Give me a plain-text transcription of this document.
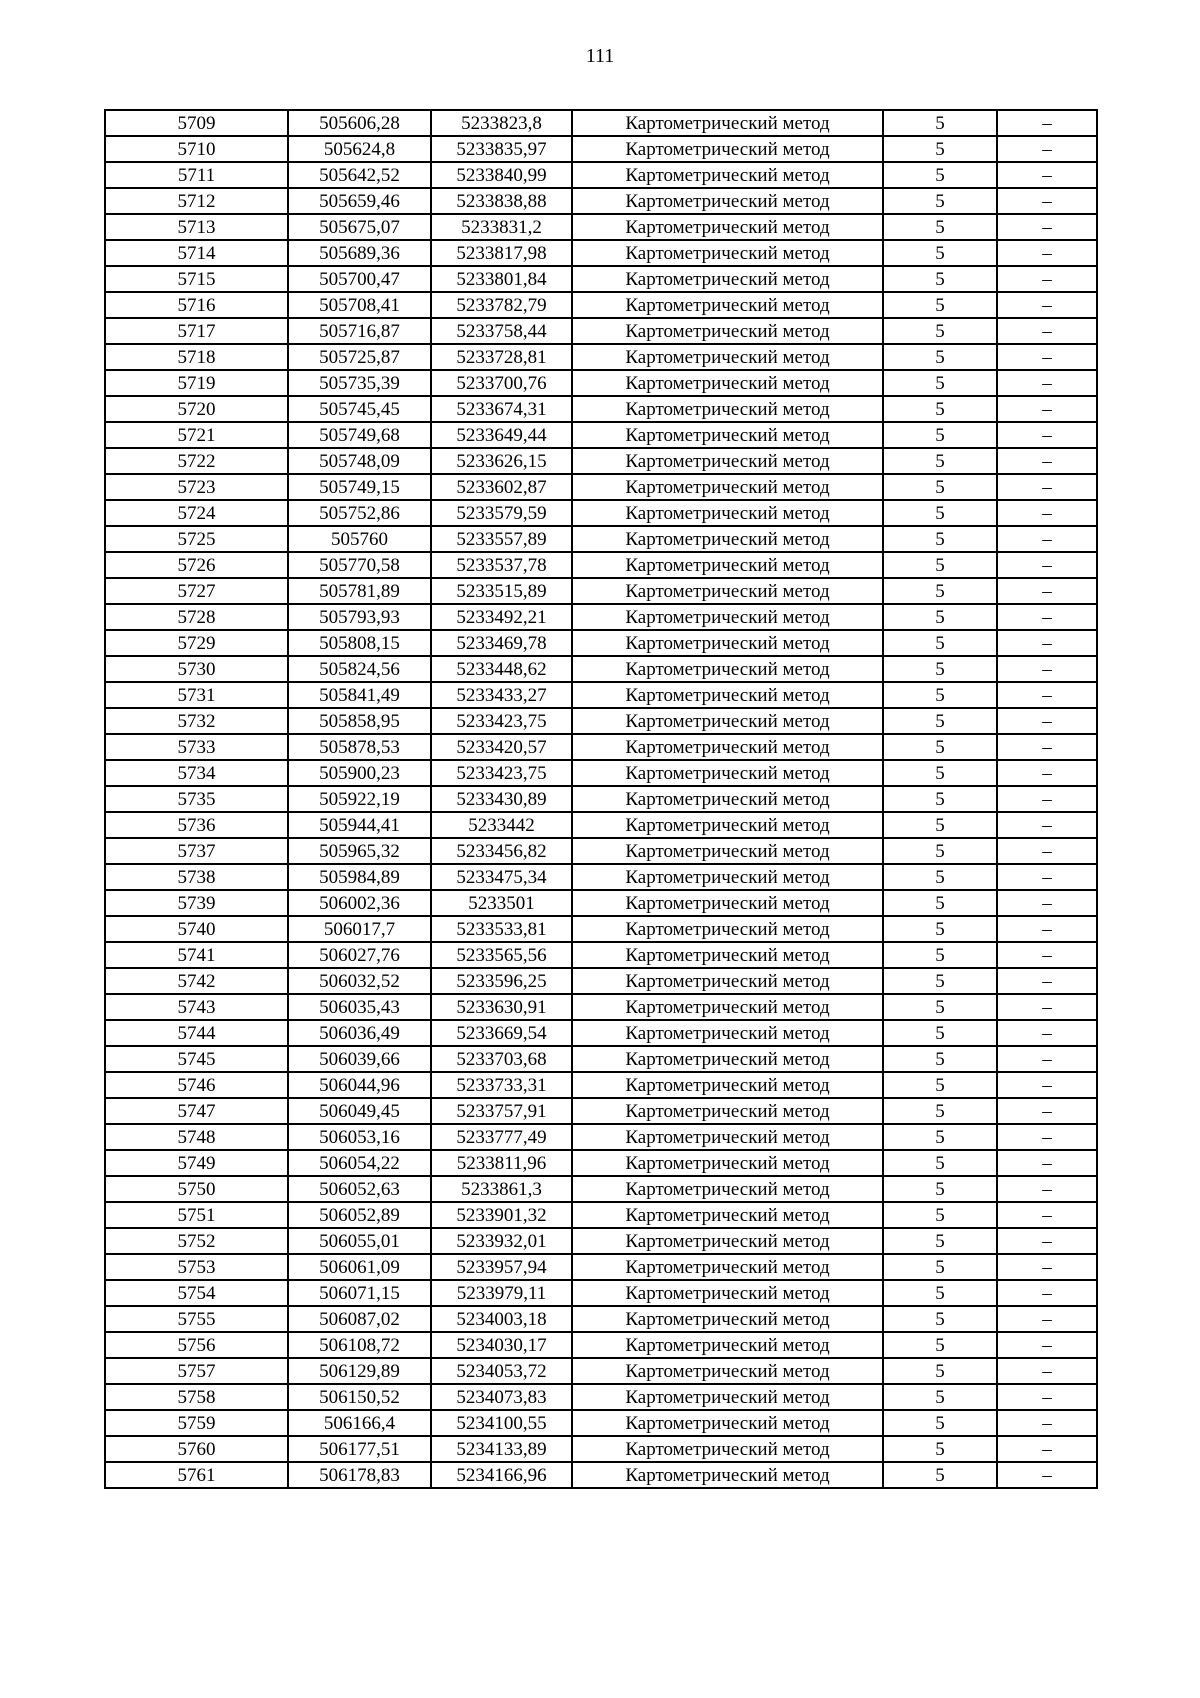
111
5709	505606,28	5233823,8	Картометрический метод	5	–
5710	505624,8	5233835,97	Картометрический метод	5	–
5711	505642,52	5233840,99	Картометрический метод	5	–
5712	505659,46	5233838,88	Картометрический метод	5	–
5713	505675,07	5233831,2	Картометрический метод	5	–
5714	505689,36	5233817,98	Картометрический метод	5	–
5715	505700,47	5233801,84	Картометрический метод	5	–
5716	505708,41	5233782,79	Картометрический метод	5	–
5717	505716,87	5233758,44	Картометрический метод	5	–
5718	505725,87	5233728,81	Картометрический метод	5	–
5719	505735,39	5233700,76	Картометрический метод	5	–
5720	505745,45	5233674,31	Картометрический метод	5	–
5721	505749,68	5233649,44	Картометрический метод	5	–
5722	505748,09	5233626,15	Картометрический метод	5	–
5723	505749,15	5233602,87	Картометрический метод	5	–
5724	505752,86	5233579,59	Картометрический метод	5	–
5725	505760	5233557,89	Картометрический метод	5	–
5726	505770,58	5233537,78	Картометрический метод	5	–
5727	505781,89	5233515,89	Картометрический метод	5	–
5728	505793,93	5233492,21	Картометрический метод	5	–
5729	505808,15	5233469,78	Картометрический метод	5	–
5730	505824,56	5233448,62	Картометрический метод	5	–
5731	505841,49	5233433,27	Картометрический метод	5	–
5732	505858,95	5233423,75	Картометрический метод	5	–
5733	505878,53	5233420,57	Картометрический метод	5	–
5734	505900,23	5233423,75	Картометрический метод	5	–
5735	505922,19	5233430,89	Картометрический метод	5	–
5736	505944,41	5233442	Картометрический метод	5	–
5737	505965,32	5233456,82	Картометрический метод	5	–
5738	505984,89	5233475,34	Картометрический метод	5	–
5739	506002,36	5233501	Картометрический метод	5	–
5740	506017,7	5233533,81	Картометрический метод	5	–
5741	506027,76	5233565,56	Картометрический метод	5	–
5742	506032,52	5233596,25	Картометрический метод	5	–
5743	506035,43	5233630,91	Картометрический метод	5	–
5744	506036,49	5233669,54	Картометрический метод	5	–
5745	506039,66	5233703,68	Картометрический метод	5	–
5746	506044,96	5233733,31	Картометрический метод	5	–
5747	506049,45	5233757,91	Картометрический метод	5	–
5748	506053,16	5233777,49	Картометрический метод	5	–
5749	506054,22	5233811,96	Картометрический метод	5	–
5750	506052,63	5233861,3	Картометрический метод	5	–
5751	506052,89	5233901,32	Картометрический метод	5	–
5752	506055,01	5233932,01	Картометрический метод	5	–
5753	506061,09	5233957,94	Картометрический метод	5	–
5754	506071,15	5233979,11	Картометрический метод	5	–
5755	506087,02	5234003,18	Картометрический метод	5	–
5756	506108,72	5234030,17	Картометрический метод	5	–
5757	506129,89	5234053,72	Картометрический метод	5	–
5758	506150,52	5234073,83	Картометрический метод	5	–
5759	506166,4	5234100,55	Картометрический метод	5	–
5760	506177,51	5234133,89	Картометрический метод	5	–
5761	506178,83	5234166,96	Картометрический метод	5	–
